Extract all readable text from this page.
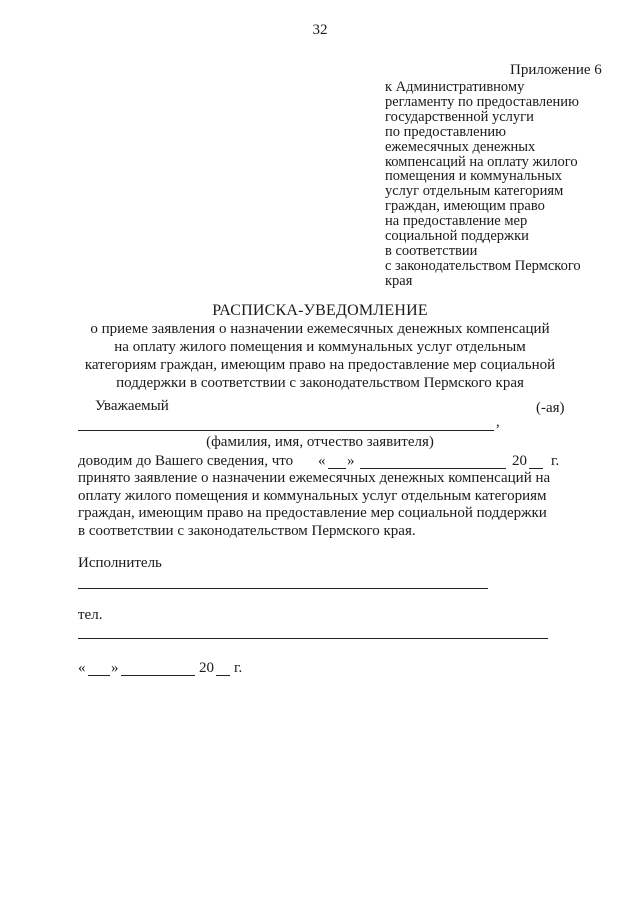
32
Приложение 6
к Административному
регламенту по предоставлению
государственной услуги
по предоставлению
ежемесячных денежных
компенсаций на оплату жилого
помещения и коммунальных
услуг отдельным категориям
граждан, имеющим право
на предоставление мер
социальной поддержки
в соответствии
с законодательством Пермского
края
РАСПИСКА-УВЕДОМЛЕНИЕ
о приеме заявления о назначении ежемесячных денежных компенсаций
на оплату жилого помещения и коммунальных услуг отдельным
категориям граждан, имеющим право на предоставление мер социальной
поддержки в соответствии с законодательством Пермского края
Уважаемый	(-ая)
,
(фамилия, имя, отчество заявителя)
доводим до Вашего сведения, что « »	20 г.
принято заявление о назначении ежемесячных денежных компенсаций на
оплату жилого помещения и коммунальных услуг отдельным категориям
граждан, имеющим право на предоставление мер социальной поддержки
в соответствии с законодательством Пермского края.
Исполнитель
тел.
« »	20 г.
